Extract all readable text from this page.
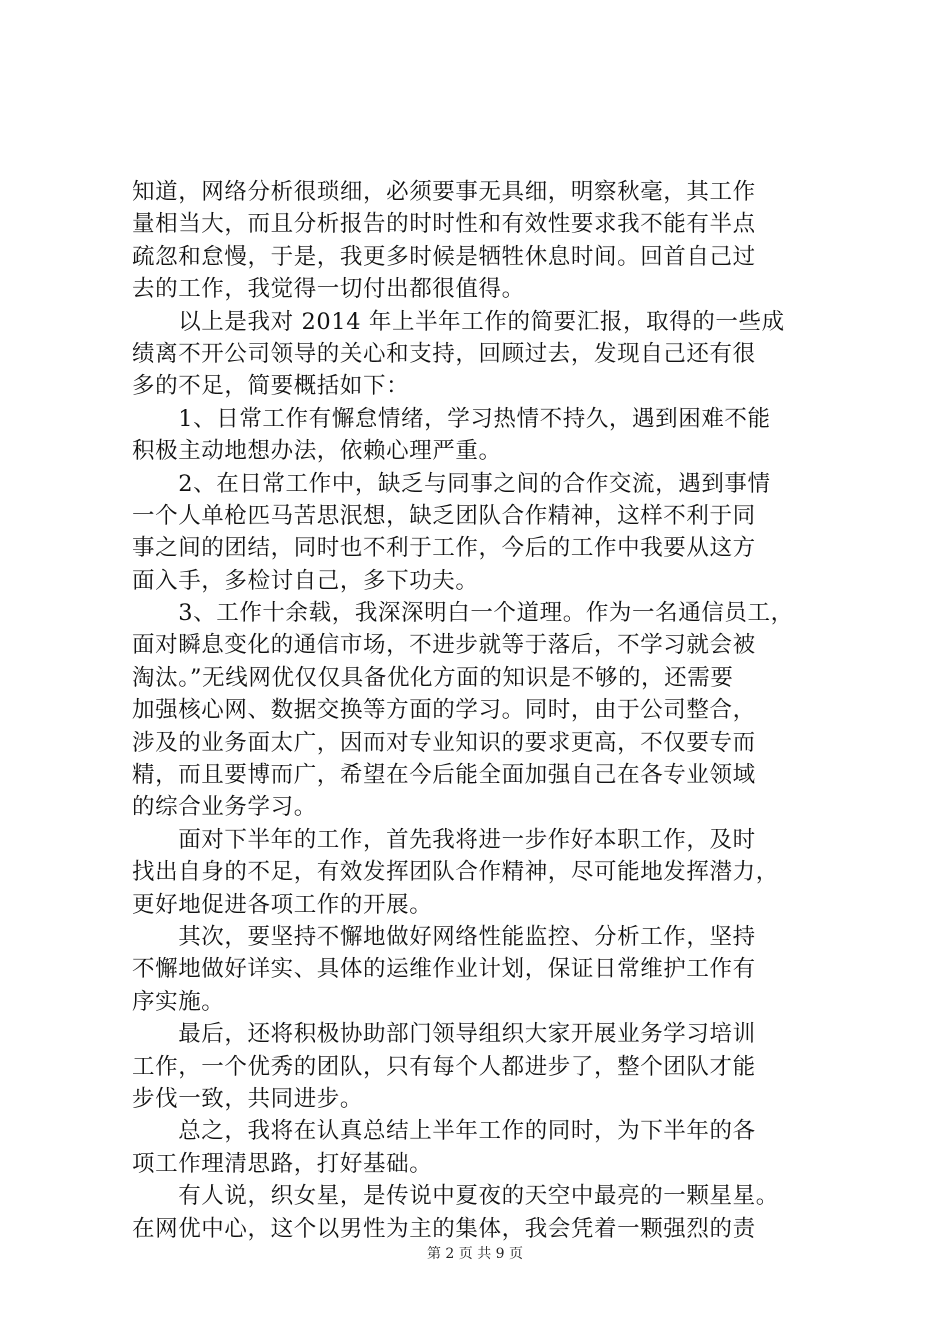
知道，网络分析很琐细，必须要事无具细，明察秋毫，其工作
量相当大，而且分析报告的时时性和有效性要求我不能有半点
疏忽和怠慢，于是，我更多时候是牺牲休息时间。回首自己过
去的工作，我觉得一切付出都很值得。
　　以上是我对 2014 年上半年工作的简要汇报，取得的一些成
绩离不开公司领导的关心和支持，回顾过去，发现自己还有很
多的不足，简要概括如下：
　　1、日常工作有懈怠情绪，学习热情不持久，遇到困难不能
积极主动地想办法，依赖心理严重。
　　2、在日常工作中，缺乏与同事之间的合作交流，遇到事情
一个人单枪匹马苦思泯想，缺乏团队合作精神，这样不利于同
事之间的团结，同时也不利于工作，今后的工作中我要从这方
面入手，多检讨自己，多下功夫。
　　3、工作十余载，我深深明白一个道理。作为一名通信员工，
面对瞬息变化的通信市场，不进步就等于落后，不学习就会被
淘汰。”无线网优仅仅具备优化方面的知识是不够的，还需要
加强核心网、数据交换等方面的学习。同时，由于公司整合，
涉及的业务面太广，因而对专业知识的要求更高，不仅要专而
精，而且要博而广，希望在今后能全面加强自己在各专业领域
的综合业务学习。
　　面对下半年的工作，首先我将进一步作好本职工作，及时
找出自身的不足，有效发挥团队合作精神，尽可能地发挥潜力，
更好地促进各项工作的开展。
　　其次，要坚持不懈地做好网络性能监控、分析工作，坚持
不懈地做好详实、具体的运维作业计划，保证日常维护工作有
序实施。
　　最后，还将积极协助部门领导组织大家开展业务学习培训
工作，一个优秀的团队，只有每个人都进步了，整个团队才能
步伐一致，共同进步。
　　总之，我将在认真总结上半年工作的同时，为下半年的各
项工作理清思路，打好基础。
　　有人说，织女星，是传说中夏夜的天空中最亮的一颗星星。
在网优中心，这个以男性为主的集体，我会凭着一颗强烈的责
第 2 页 共 9 页
